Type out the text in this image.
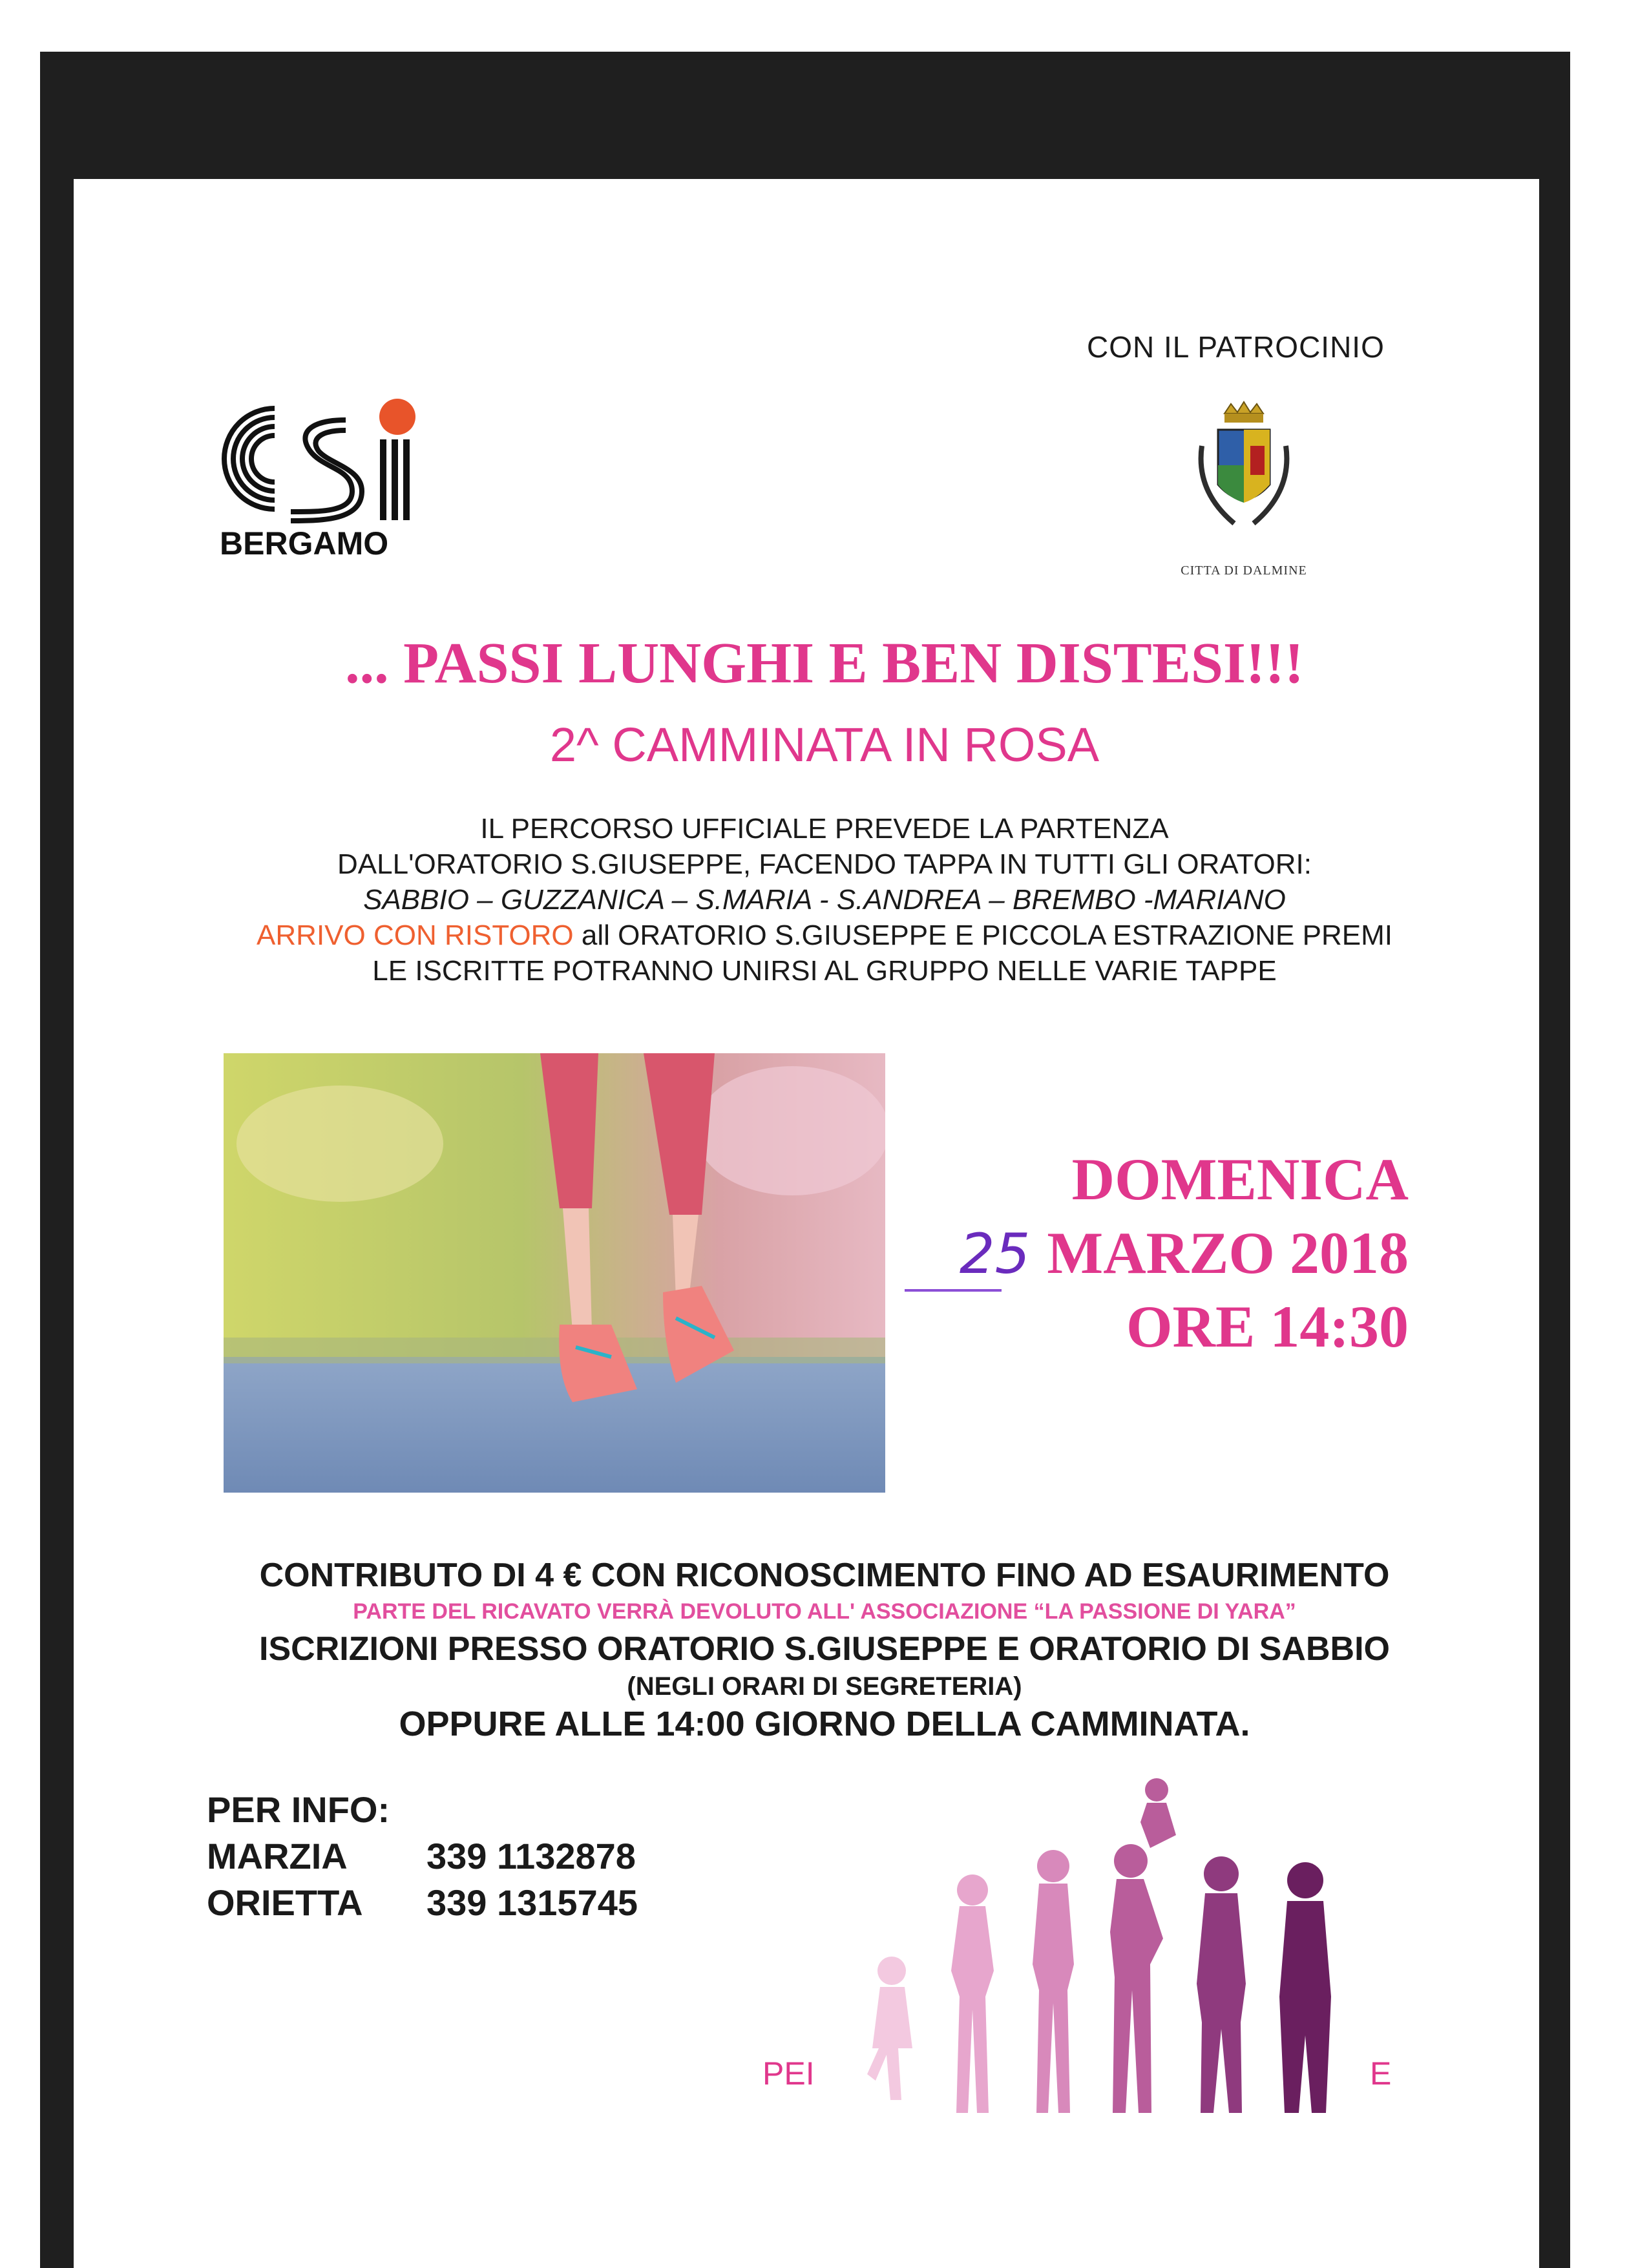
CON IL PATROCINIO
BERGAMO
CITTA DI DALMINE
... PASSI LUNGHI E BEN DISTESI!!!
2^ CAMMINATA IN ROSA
IL PERCORSO UFFICIALE PREVEDE LA PARTENZA
DALL'ORATORIO S.GIUSEPPE, FACENDO TAPPA IN TUTTI GLI ORATORI:
SABBIO – GUZZANICA – S.MARIA - S.ANDREA – BREMBO -MARIANO
ARRIVO CON RISTORO all ORATORIO S.GIUSEPPE E PICCOLA ESTRAZIONE PREMI
LE ISCRITTE POTRANNO UNIRSI AL GRUPPO NELLE VARIE TAPPE
DOMENICA
25 MARZO 2018
ORE 14:30
CONTRIBUTO DI 4 € CON RICONOSCIMENTO FINO AD ESAURIMENTO
PARTE DEL RICAVATO VERRÀ DEVOLUTO ALL' ASSOCIAZIONE “LA PASSIONE DI YARA”
ISCRIZIONI PRESSO ORATORIO S.GIUSEPPE E ORATORIO DI SABBIO
(NEGLI ORARI DI SEGRETERIA)
OPPURE ALLE 14:00 GIORNO DELLA CAMMINATA.
PER INFO:
MARZIA 339 1132878
ORIETTA 339 1315745
PEI	E
